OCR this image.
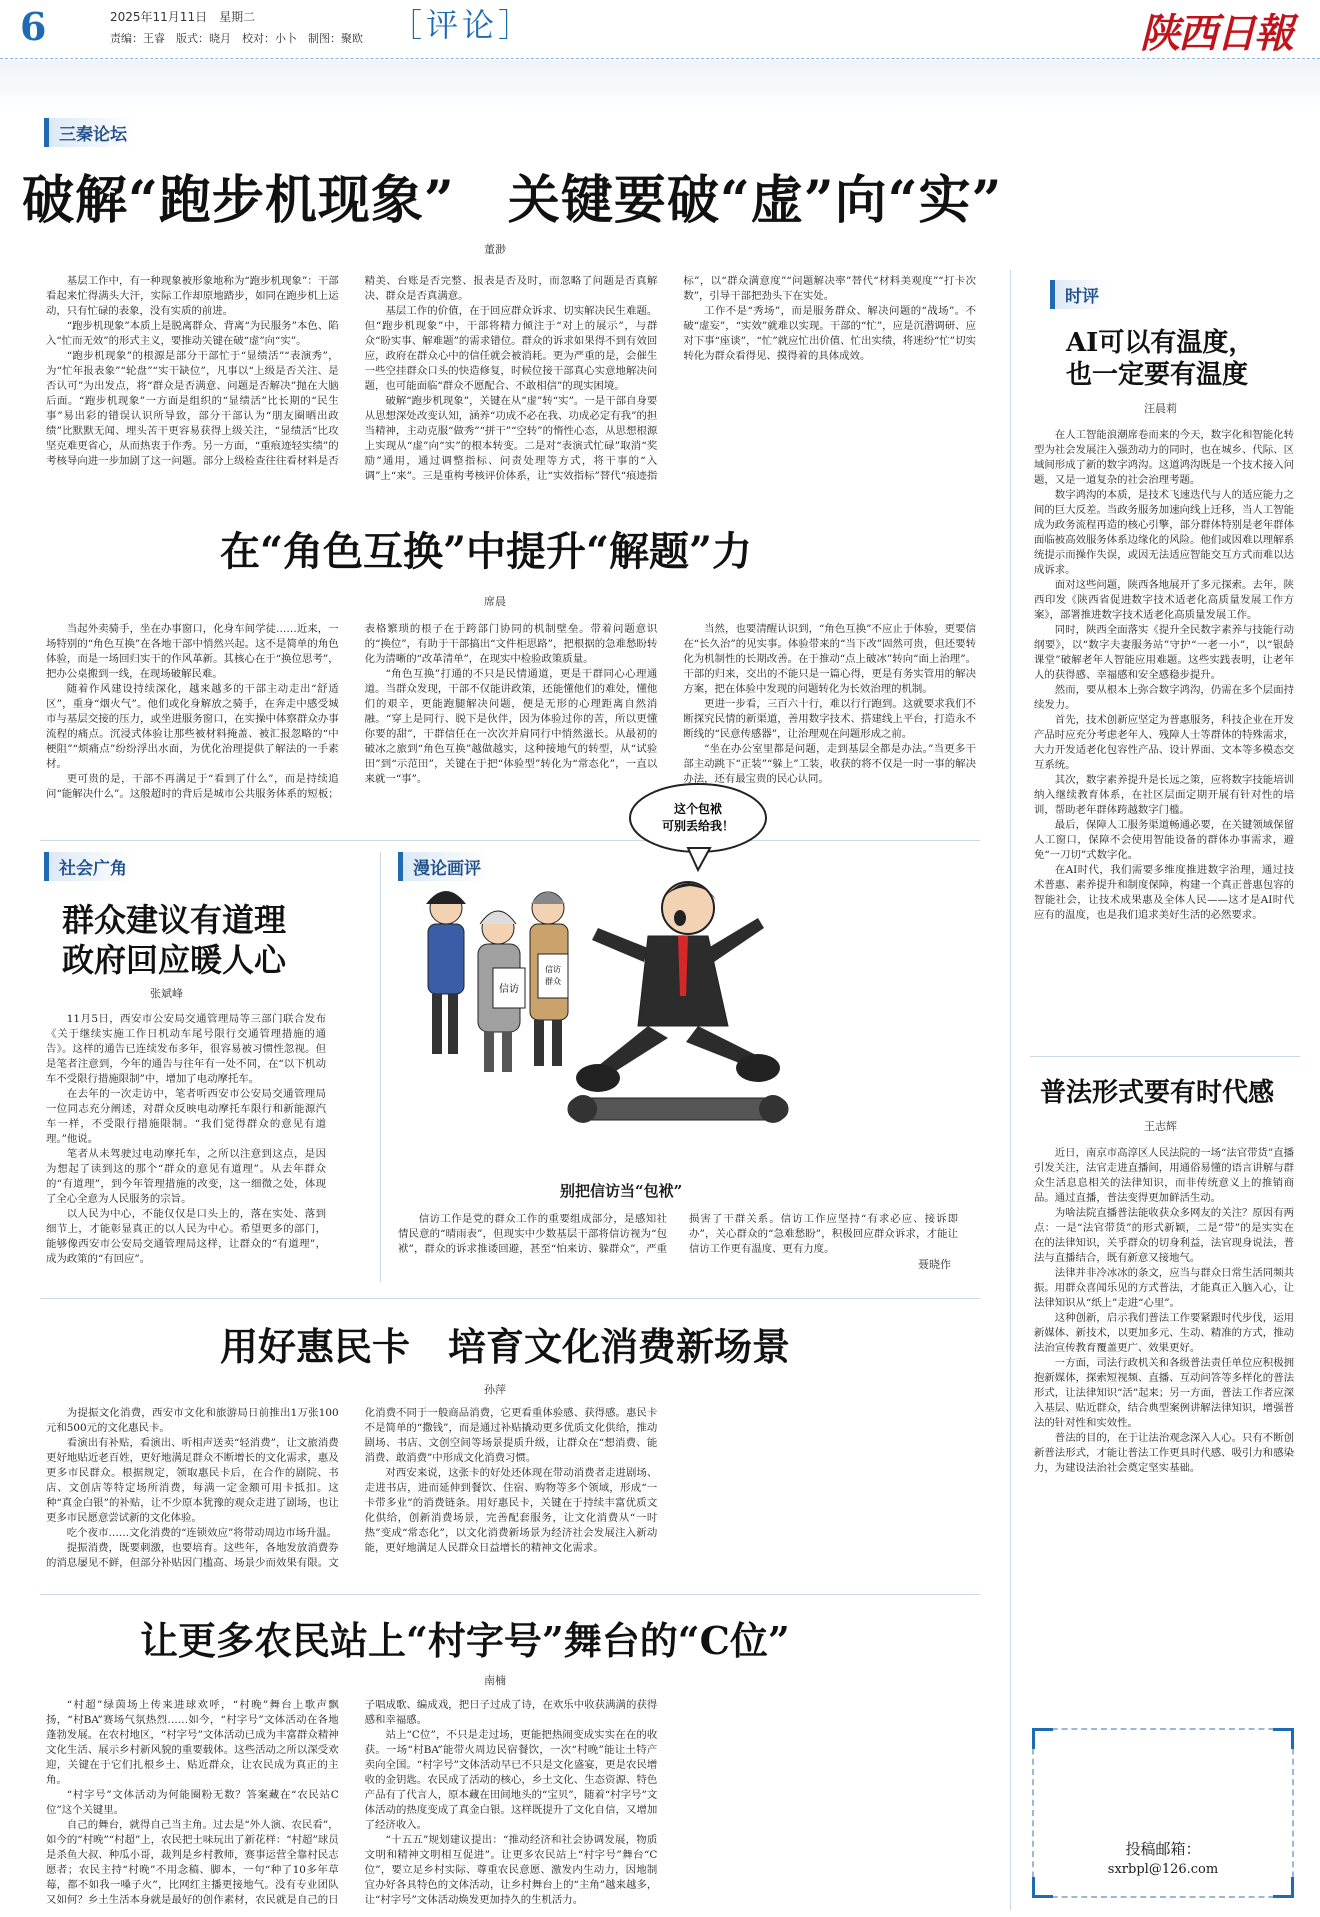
6	2025年11月11日　星期二
责编：王睿　版式：晓月　校对：小卜　制图：聚欧 ［评论］	陕西日報
三秦论坛
破解“跑步机现象”　关键要破“虚”向“实”
董渺

基层工作中，有一种现象被形象地称为“跑步机现象”：干部看起来忙得满头大汗，实际工作却原地踏步，如同在跑步机上运动，只有忙碌的表象，没有实质的前进。

“跑步机现象”本质上是脱离群众、背离“为民服务”本色、陷入“忙而无效”的形式主义，要推动关键在破“虚”向“实”。

“跑步机现象”的根源是部分干部忙于“显绩活”“表演秀”，为“忙年报表象”“轮盘”“实干缺位”，凡事以“上级是否关注、是否认可”为出发点，将“群众是否满意、问题是否解决”抛在大脑后面。“跑步机现象”一方面是组织的“显绩活”比长期的“民生事”易出彩的错误认识所导致，部分干部认为“朋友圈晒出政绩”比默默无闻、埋头苦干更容易获得上级关注，“显绩活”比攻坚克难更省心，从而热衷于作秀。另一方面，“重痕迹轻实绩”的考核导向进一步加剧了这一问题。部分上级检查往往看材料是否精美、台账是否完整、报表是否及时，而忽略了问题是否真解决、群众是否真满意。

基层工作的价值，在于回应群众诉求、切实解决民生难题。但“跑步机现象”中，干部将精力倾注于“对上的展示”，与群众“盼实事、解难题”的需求错位。群众的诉求如果得不到有效回应，政府在群众心中的信任就会被消耗。更为严重的是，会催生一些空挂群众口头的快造修复，时候位接干部真心实意地解决问题，也可能面临“群众不愿配合、不敢相信”的现实困境。

破解“跑步机现象”，关键在从“虚”转“实”。一是干部自身要从思想深处改变认知，涵养“功成不必在我、功成必定有我”的担当精神，主动克服“做秀”“拼干”“空转”的惰性心态，从思想根源上实现从“虚”向“实”的根本转变。二是对“表演式忙碌”取消“奖励”通用，通过调整指标、问责处理等方式，将干事的“入调”上“来”。三是重构考核评价体系，让“实效指标”替代“痕迹指标”，以“群众满意度”“问题解决率”替代“材料美观度”“打卡次数”，引导干部把劲头下在实处。

工作不是“秀场”，而是服务群众、解决问题的“战场”。不破“虚妄”，“实效”就难以实现。干部的“忙”，应是沉潜调研、应对下事“座谈”，“忙”就应忙出价值、忙出实绩，将迷纷“忙”切实转化为群众看得见、摸得着的具体成效。

在“角色互换”中提升“解题”力
席晨

当起外卖骑手，坐在办事窗口，化身车间学徒……近来，一场特别的“角色互换”在各地干部中悄然兴起。这不是简单的角色体验，而是一场回归实干的作风革新。其核心在于“换位思考”，把办公桌搬到一线，在现场破解民难。

随着作风建设持续深化，越来越多的干部主动走出“舒适区”，重身“烟火气”。他们或化身解放之骑手，在奔走中感受城市与基层交接的压力，或坐进服务窗口，在实操中体察群众办事流程的痛点。沉浸式体验让那些被材料掩盖、被汇报忽略的“中梗阻”“烦痛点”纷纷浮出水面，为优化治理提供了解法的一手素材。

更可贵的是，干部不再满足于“看到了什么”，而是持续追问“能解决什么”。这般超时的背后是城市公共服务体系的短板；表格繁琐的根子在于跨部门协同的机制壁垒。带着问题意识的“换位”，有助于干部搞出“文件柜思路”，把根据的急难愁盼转化为清晰的“改革清单”，在现实中检验政策质量。

“角色互换”打通的不只是民情通道，更是干群同心心理通道。当群众发现，干部不仅能讲政策，还能懂他们的难处，懂他们的艰辛，更能跑腿解决问题，便是无形的心理距离自然消融。“穿上是同行、脱下是伙伴，因为体验过你的苦，所以更懂你要的甜”，干群信任在一次次并肩同行中悄然滋长。从最初的破冰之旅到“角色互换”越做越实，这种接地气的转型，从“试验田”到“示范田”，关键在于把“体验型”转化为“常态化”，一直以来就一“事”。

当然，也要清醒认识到，“角色互换”不应止于体验，更要信在“长久治”的见实事。体验带来的“当下改”固然可贵，但还要转化为机制性的长期改善。在于推动“点上破冰”转向“面上治理”。干部的归来，交出的不能只是一篇心得，更是有务实管用的解决方案，把在体验中发现的问题转化为长效治理的机制。

更进一步看，三百六十行，难以行行跑到。这就要求我们不断探究民情的新渠道，善用数字技术、搭建线上平台，打造永不断线的“民意传感器”，让治理观在问题形成之前。

“坐在办公室里都是问题，走到基层全都是办法。”当更多干部主动跳下“正装”“躲上”工装，收获的将不仅是一时一事的解决办法，还有最宝贵的民心认同。

社会广角
群众建议有道理
政府回应暖人心
张斌峰

11月5日，西安市公安局交通管理局等三部门联合发布《关于继续实施工作日机动车尾号限行交通管理措施的通告》。这样的通告已连续发布多年，很容易被习惯性忽视。但是笔者注意到，今年的通告与往年有一处不同，在“以下机动车不受限行措施限制”中，增加了电动摩托车。

在去年的一次走访中，笔者听西安市公安局交通管理局一位同志充分阐述，对群众反映电动摩托车限行和新能源汽车一样，不受限行措施限制。“我们觉得群众的意见有道理。”他说。

笔者从未驾驶过电动摩托车，之所以注意到这点，是因为想起了读到这的那个“群众的意见有道理”。从去年群众的“有道理”，到今年管理措施的改变，这一细微之处，体现了全心全意为人民服务的宗旨。

以人民为中心，不能仅仅是口头上的，落在实处、落到细节上，才能彰显真正的以人民为中心。希望更多的部门，能够像西安市公安局交通管理局这样，让群众的“有道理”，成为政策的“有回应”。

漫论画评
这个包袱
可别丢给我！
信访
信访
群众
别把信访当“包袱”

信访工作是党的群众工作的重要组成部分，是感知社情民意的“晴雨表”，但现实中少数基层干部将信访视为“包袱”，群众的诉求推诿回避，甚至“怕来访、躲群众”，严重损害了干群关系。信访工作应坚持“有求必应、接诉即办”，关心群众的“急难愁盼”，积极回应群众诉求，才能让信访工作更有温度、更有力度。

聂晓作
用好惠民卡　培育文化消费新场景
孙萍

为提振文化消费，西安市文化和旅游局日前推出1万张100元和500元的文化惠民卡。

看演出有补贴，看演出、听相声送卖“轻消费”，让文旅消费更好地贴近老百姓，更好地满足群众不断增长的文化需求，惠及更多市民群众。根据规定，领取惠民卡后，在合作的剧院、书店、文创店等特定场所消费，每满一定金额可用卡抵扣。这种“真金白银”的补贴，让不少原本犹豫的观众走进了剧场，也让更多市民愿意尝试新的文化体验。

吃个夜市……文化消费的“连锁效应”将带动周边市场升温。

提振消费，既要刺激，也要培育。这些年，各地发放消费券的消息屡见不鲜，但部分补贴因门槛高、场景少而效果有限。文化消费不同于一般商品消费，它更看重体验感、获得感。惠民卡不是简单的“撒钱”，而是通过补贴撬动更多优质文化供给，推动剧场、书店、文创空间等场景提质升级，让群众在“想消费、能消费、敢消费”中形成文化消费习惯。

对西安来说，这张卡的好处还体现在带动消费者走进剧场、走进书店，进而延伸到餐饮、住宿、购物等多个领域，形成“一卡带多业”的消费链条。用好惠民卡，关键在于持续丰富优质文化供给，创新消费场景，完善配套服务，让文化消费从“一时热”变成“常态化”，以文化消费新场景为经济社会发展注入新动能，更好地满足人民群众日益增长的精神文化需求。

让更多农民站上“村字号”舞台的“C位”
南楠

“村超”绿茵场上传来进球欢呼，“村晚”舞台上歌声飘扬，“村BA”赛场气氛热烈……如今，“村字号”文体活动在各地蓬勃发展。在农村地区，“村字号”文体活动已成为丰富群众精神文化生活、展示乡村新风貌的重要载体。这些活动之所以深受欢迎，关键在于它们扎根乡土、贴近群众，让农民成为真正的主角。

“村字号”文体活动为何能圈粉无数？答案藏在“农民站C位”这个关键里。

自己的舞台，就得自己当主角。过去是“外人演、农民看”，如今的“村晚”“村超”上，农民把土味玩出了新花样：“村超”球员是杀鱼大叔、种瓜小哥，裁判是乡村教师，赛事运营全靠村民志愿者；农民主持“村晚”不用念稿、脚本，一句“种了10多年草莓，都不如我一嗓子火”，比网红主播更接地气。没有专业团队又如何？乡土生活本身就是最好的创作素材，农民就是自己的日子唱成歌、编成戏，把日子过成了诗，在欢乐中收获满满的获得感和幸福感。

站上“C位”，不只是走过场，更能把热闹变成实实在在的收获。一场“村BA”能带火周边民宿餐饮，一次“村晚”能让土特产卖向全国。“村字号”文体活动早已不只是文化盛宴，更是农民增收的金钥匙。农民成了活动的核心，乡土文化、生态资源、特色产品有了代言人，原本藏在田间地头的“宝贝”，随着“村字号”文体活动的热度变成了真金白银。这样既提升了文化自信，又增加了经济收入。

“十五五”规划建议提出：“推动经济和社会协调发展，物质文明和精神文明相互促进”。让更多农民站上“村字号”舞台“C位”，要立足乡村实际、尊重农民意愿、激发内生动力，因地制宜办好各具特色的文体活动，让乡村舞台上的“主角”越来越多，让“村字号”文体活动焕发更加持久的生机活力。

时评
AI可以有温度，
也一定要有温度
汪晨莉

在人工智能浪潮席卷而来的今天，数字化和智能化转型为社会发展注入强劲动力的同时，也在城乡、代际、区域间形成了新的数字鸿沟。这道鸿沟既是一个技术接入问题，又是一道复杂的社会治理考题。

数字鸿沟的本质，是技术飞速迭代与人的适应能力之间的巨大反差。当政务服务加速向线上迁移，当人工智能成为政务流程再造的核心引擎，部分群体特别是老年群体面临被高效服务体系边缘化的风险。他们或因难以理解系统提示而操作失误，或因无法适应智能交互方式而难以达成诉求。

面对这些问题，陕西各地展开了多元探索。去年，陕西印发《陕西省促进数字技术适老化高质量发展工作方案》，部署推进数字技术适老化高质量发展工作。

同时，陕西全面落实《提升全民数字素养与技能行动纲要》，以“数字夫妻服务站”守护“一老一小”，以“银龄课堂”破解老年人智能应用难题。这些实践表明，让老年人的获得感、幸福感和安全感稳步提升。

然而，要从根本上弥合数字鸿沟，仍需在多个层面持续发力。

首先，技术创新应坚定为普惠服务，科技企业在开发产品时应充分考虑老年人、残障人士等群体的特殊需求，大力开发适老化包容性产品、设计界面、文本等多模态交互系统。

其次，数字素养提升是长远之策，应将数字技能培训纳入继续教育体系，在社区层面定期开展有针对性的培训，帮助老年群体跨越数字门槛。

最后，保障人工服务渠道畅通必要，在关键领域保留人工窗口，保障不会使用智能设备的群体办事需求，避免“一刀切”式数字化。

在AI时代，我们需要多维度推进数字治理，通过技术普惠、素养提升和制度保障，构建一个真正普惠包容的智能社会，让技术成果惠及全体人民——这才是AI时代应有的温度，也是我们追求美好生活的必然要求。

普法形式要有时代感
王志辉

近日，南京市高淳区人民法院的一场“法官带货”直播引发关注，法官走进直播间，用通俗易懂的语言讲解与群众生活息息相关的法律知识，而非传统意义上的推销商品。通过直播，普法变得更加鲜活生动。

为啥法院直播普法能收获众多网友的关注？原因有两点：一是“法官带货”的形式新颖，二是“带”的是实实在在的法律知识，关乎群众的切身利益，法官现身说法，普法与直播结合，既有新意又接地气。

法律并非冷冰冰的条文，应当与群众日常生活同频共振。用群众喜闻乐见的方式普法，才能真正入脑入心，让法律知识从“纸上”走进“心里”。

这种创新，启示我们普法工作要紧跟时代步伐，运用新媒体、新技术，以更加多元、生动、精准的方式，推动法治宣传教育覆盖更广、效果更好。

一方面，司法行政机关和各级普法责任单位应积极拥抱新媒体，探索短视频、直播、互动问答等多样化的普法形式，让法律知识“活”起来；另一方面，普法工作者应深入基层、贴近群众，结合典型案例讲解法律知识，增强普法的针对性和实效性。

普法的目的，在于让法治观念深入人心。只有不断创新普法形式，才能让普法工作更具时代感、吸引力和感染力，为建设法治社会奠定坚实基础。

投稿邮箱：
sxrbpl@126.com
